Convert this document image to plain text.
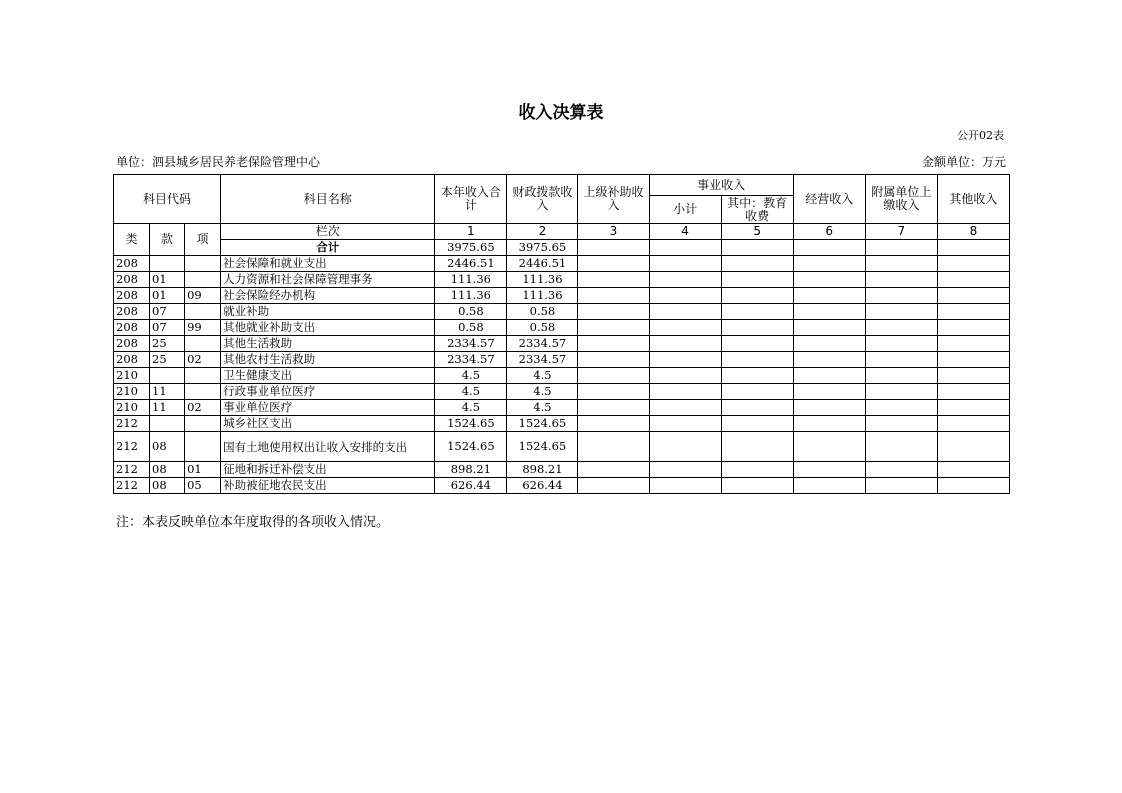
收入决算表
公开02表
单位：泗县城乡居民养老保险管理中心	金额单位：万元
科目代码			科目名称	本年收入合计	财政拨款收入	上级补助收入	事业收入		经营收入	附属单位上缴收入	其他收入
							小计	其中：教育收费			
类	款	项	栏次	1	2	3	4	5	6	7	8
			合计	3975.65	3975.65						
208			社会保障和就业支出	2446.51	2446.51						
208	01		人力资源和社会保障管理事务	111.36	111.36						
208	01	09	社会保险经办机构	111.36	111.36						
208	07		就业补助	0.58	0.58						
208	07	99	其他就业补助支出	0.58	0.58						
208	25		其他生活救助	2334.57	2334.57						
208	25	02	其他农村生活救助	2334.57	2334.57						
210			卫生健康支出	4.5	4.5						
210	11		行政事业单位医疗	4.5	4.5						
210	11	02	事业单位医疗	4.5	4.5						
212			城乡社区支出	1524.65	1524.65						
212	08		国有土地使用权出让收入安排的支出	1524.65	1524.65						
212	08	01	征地和拆迁补偿支出	898.21	898.21						
212	08	05	补助被征地农民支出	626.44	626.44						
注：本表反映单位本年度取得的各项收入情况。
